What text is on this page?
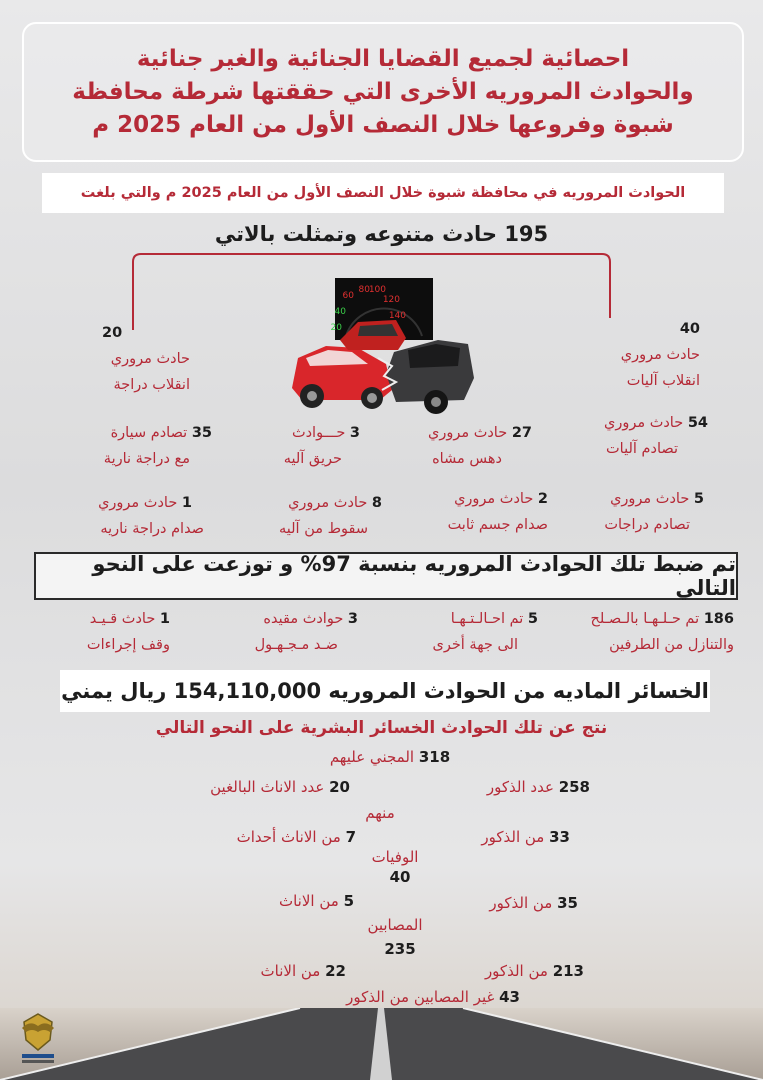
احصائية لجميع القضايا الجنائية والغير جنائية
والحوادث المروريه الأخرى التي حققتها شرطة محافظة
شبوة وفروعها خلال النصف الأول من العام 2025 م
الحوادث المروريه في محافظة شبوة خلال النصف الأول من العام 2025 م والتي بلغت
195 حادث متنوعه وتمثلت بالاتي
60
80
100
120
140
40
20	40
حادث مروري
انقلاب آليات
20
حادث مروري
انقلاب دراجة
54 حادث مروري
تصادم آليات
27 حادث مروري
دهس مشاه
3 حـــوادث
حريق آليه
35 تصادم سيارة
مع دراجة نارية
5 حادث مروري
تصادم دراجات
2 حادث مروري
صدام جسم ثابت
8 حادث مروري
سقوط من آليه
1 حادث مروري
صدام دراجة ناريه
تم ضبط تلك الحوادث المروريه بنسبة 97% و توزعت على النحو التالي
186 تم حـلـهـا بالـصـلح
والتنازل من الطرفين
5 تم احـالـتـهـا
الى جهة أخرى
3 حوادث مقيده
ضـد مـجـهـول
1 حادث قـيـد
وقف إجراءات
الخسائر الماديه من الحوادث المروريه 154,110,000 ريال يمني
نتج عن تلك الحوادث الخسائر البشرية على النحو التالي
318 المجني عليهم
258 عدد الذكور
20 عدد الاناث البالغين
منهم
7 من الاناث أحداث	33 من الذكور
الوفيات
40
5 من الاناث	35 من الذكور
المصابين
235
22 من الاناث	213 من الذكور
43 غير المصابين من الذكور
